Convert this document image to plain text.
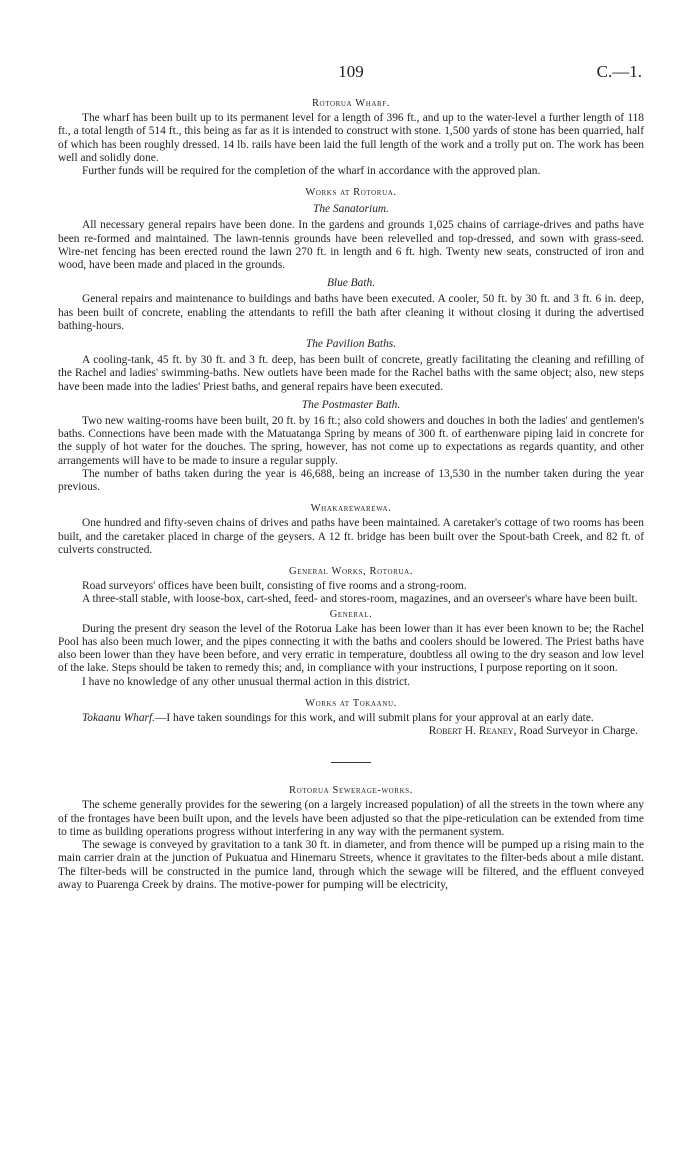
109	C.—1.
Rotorua Wharf.

The wharf has been built up to its permanent level for a length of 396 ft., and up to the water-level a further length of 118 ft., a total length of 514 ft., this being as far as it is intended to construct with stone. 1,500 yards of stone has been quarried, half of which has been roughly dressed. 14 lb. rails have been laid the full length of the work and a trolly put on. The work has been well and solidly done.

Further funds will be required for the completion of the wharf in accordance with the approved plan.

Works at Rotorua.
The Sanatorium.

All necessary general repairs have been done. In the gardens and grounds 1,025 chains of carriage-drives and paths have been re-formed and maintained. The lawn-tennis grounds have been relevelled and top-dressed, and sown with grass-seed. Wire-net fencing has been erected round the lawn 270 ft. in length and 6 ft. high. Twenty new seats, constructed of iron and wood, have been made and placed in the grounds.

Blue Bath.

General repairs and maintenance to buildings and baths have been executed. A cooler, 50 ft. by 30 ft. and 3 ft. 6 in. deep, has been built of concrete, enabling the attendants to refill the bath after cleaning it without closing it during the advertised bathing-hours.

The Pavilion Baths.

A cooling-tank, 45 ft. by 30 ft. and 3 ft. deep, has been built of concrete, greatly facilitating the cleaning and refilling of the Rachel and ladies' swimming-baths. New outlets have been made for the Rachel baths with the same object; also, new steps have been made into the ladies' Priest baths, and general repairs have been executed.

The Postmaster Bath.

Two new waiting-rooms have been built, 20 ft. by 16 ft.; also cold showers and douches in both the ladies' and gentlemen's baths. Connections have been made with the Matuatanga Spring by means of 300 ft. of earthenware piping laid in concrete for the supply of hot water for the douches. The spring, however, has not come up to expectations as regards quantity, and other arrangements will have to be made to insure a regular supply.

The number of baths taken during the year is 46,688, being an increase of 13,530 in the number taken during the year previous.

Whakarewarewa.

One hundred and fifty-seven chains of drives and paths have been maintained. A caretaker's cottage of two rooms has been built, and the caretaker placed in charge of the geysers. A 12 ft. bridge has been built over the Spout-bath Creek, and 82 ft. of culverts constructed.

General Works, Rotorua.

Road surveyors' offices have been built, consisting of five rooms and a strong-room.

A three-stall stable, with loose-box, cart-shed, feed- and stores-room, magazines, and an overseer's whare have been built.

General.

During the present dry season the level of the Rotorua Lake has been lower than it has ever been known to be; the Rachel Pool has also been much lower, and the pipes connecting it with the baths and coolers should be lowered. The Priest baths have also been lower than they have been before, and very erratic in temperature, doubtless all owing to the dry season and low level of the lake. Steps should be taken to remedy this; and, in compliance with your instructions, I purpose reporting on it soon.

I have no knowledge of any other unusual thermal action in this district.

Works at Tokaanu.

Tokaanu Wharf.—I have taken soundings for this work, and will submit plans for your approval at an early date.

Robert H. Reaney, Road Surveyor in Charge.

Rotorua Sewerage-works.

The scheme generally provides for the sewering (on a largely increased population) of all the streets in the town where any of the frontages have been built upon, and the levels have been adjusted so that the pipe-reticulation can be extended from time to time as building operations progress without interfering in any way with the permanent system.

The sewage is conveyed by gravitation to a tank 30 ft. in diameter, and from thence will be pumped up a rising main to the main carrier drain at the junction of Pukuatua and Hinemaru Streets, whence it gravitates to the filter-beds about a mile distant. The filter-beds will be constructed in the pumice land, through which the sewage will be filtered, and the effluent conveyed away to Puarenga Creek by drains. The motive-power for pumping will be electricity,
